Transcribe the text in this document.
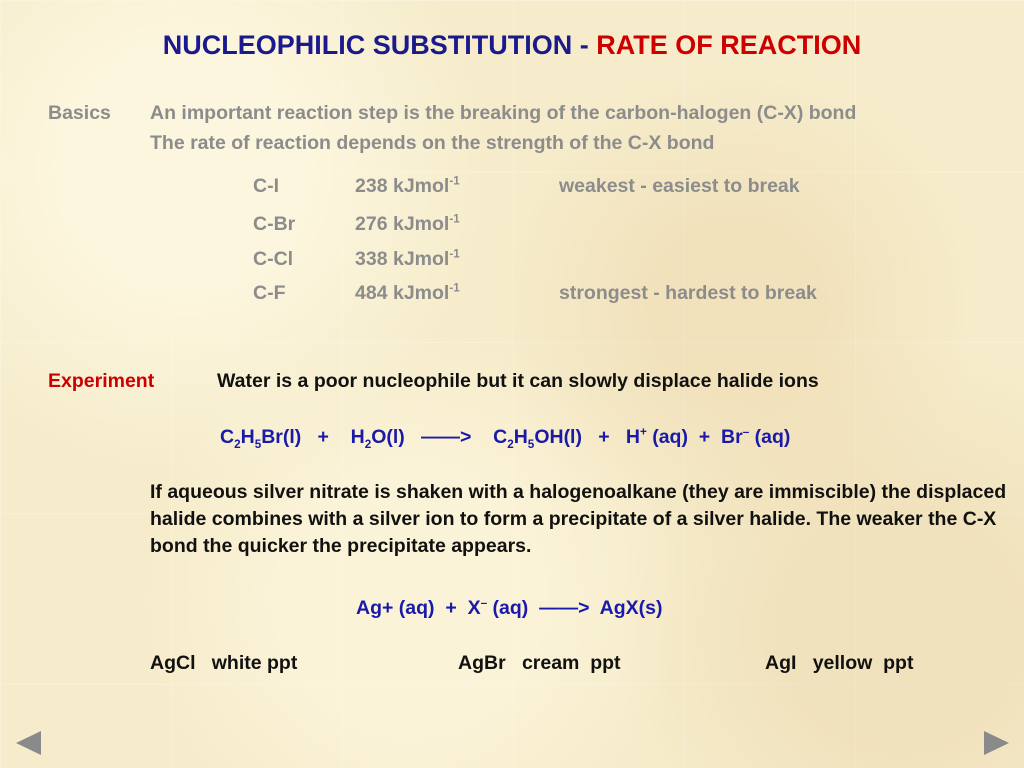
NUCLEOPHILIC SUBSTITUTION - RATE OF REACTION
Basics An important reaction step is the breaking of the carbon-halogen (C-X) bond
The rate of reaction depends on the strength of the C-X bond
C-I	238 kJmol$^{-1}$	weakest - easiest to break
C-Br	276 kJmol$^{-1}$
C-Cl	338 kJmol$^{-1}$
C-F	484 kJmol$^{-1}$	strongest - hardest to break
Experiment	Water is a poor nucleophile but it can slowly displace halide ions
$C_2H_5Br(l)$   +    $H_2O(l)$   ——>    $C_2H_5OH(l) + H^+$ (aq)  +  Br– (aq)
If aqueous silver nitrate is shaken with a halogenoalkane (they are immiscible) the displaced halide combines with a silver ion to form a precipitate of a silver halide. The weaker the C-X bond the quicker the precipitate appears.
Ag+ (aq)  +  X– (aq)  ——>  AgX(s)
AgCl white ppt	AgBr cream  ppt	AgI yellow  ppt
